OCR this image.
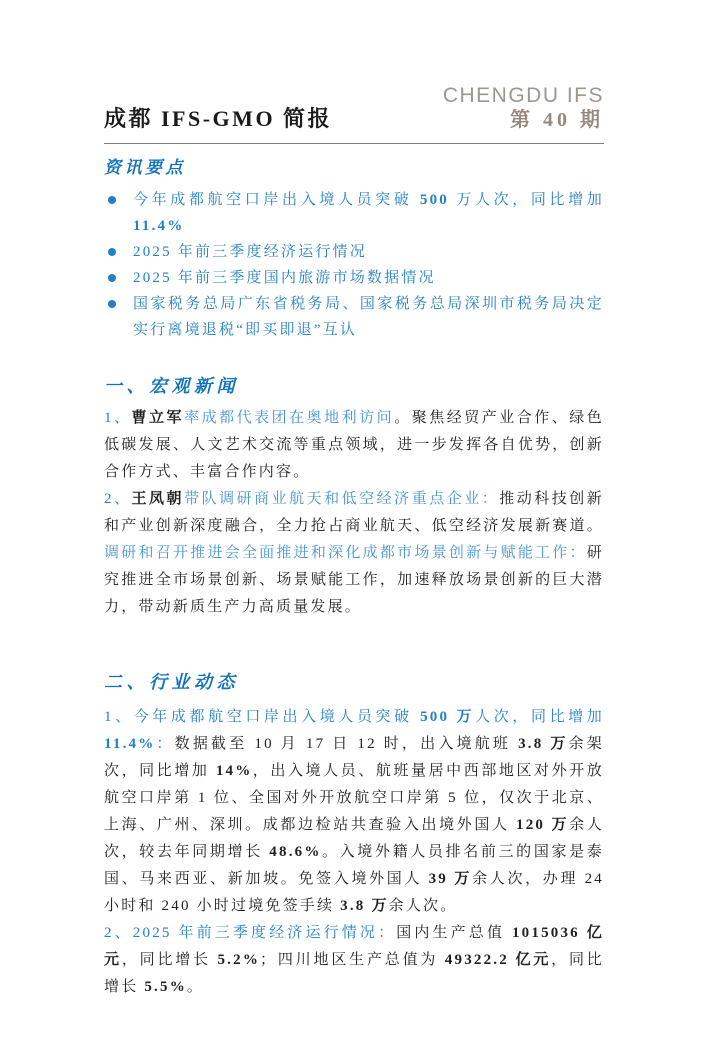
成都 IFS-GMO 简报
CHENGDU IFS
第 40 期
资讯要点
今年成都航空口岸出入境人员突破 500 万人次，同比增加 11.4%
2025 年前三季度经济运行情况
2025 年前三季度国内旅游市场数据情况
国家税务总局广东省税务局、国家税务总局深圳市税务局决定实行离境退税“即买即退”互认
一、宏观新闻

1、曹立军率成都代表团在奥地利访问。聚焦经贸产业合作、绿色低碳发展、人文艺术交流等重点领域，进一步发挥各自优势，创新合作方式、丰富合作内容。

2、王凤朝带队调研商业航天和低空经济重点企业：推动科技创新和产业创新深度融合，全力抢占商业航天、低空经济发展新赛道。调研和召开推进会全面推进和深化成都市场景创新与赋能工作：研究推进全市场景创新、场景赋能工作，加速释放场景创新的巨大潜力，带动新质生产力高质量发展。

二、行业动态

1、今年成都航空口岸出入境人员突破 500 万人次，同比增加 11.4%：数据截至 10 月 17 日 12 时，出入境航班 3.8 万余架次，同比增加 14%，出入境人员、航班量居中西部地区对外开放航空口岸第 1 位、全国对外开放航空口岸第 5 位，仅次于北京、上海、广州、深圳。成都边检站共查验入出境外国人 120 万余人次，较去年同期增长 48.6%。入境外籍人员排名前三的国家是泰国、马来西亚、新加坡。免签入境外国人 39 万余人次，办理 24 小时和 240 小时过境免签手续 3.8 万余人次。

2、2025 年前三季度经济运行情况：国内生产总值 1015036 亿元，同比增长 5.2%；四川地区生产总值为 49322.2 亿元，同比增长 5.5%。
